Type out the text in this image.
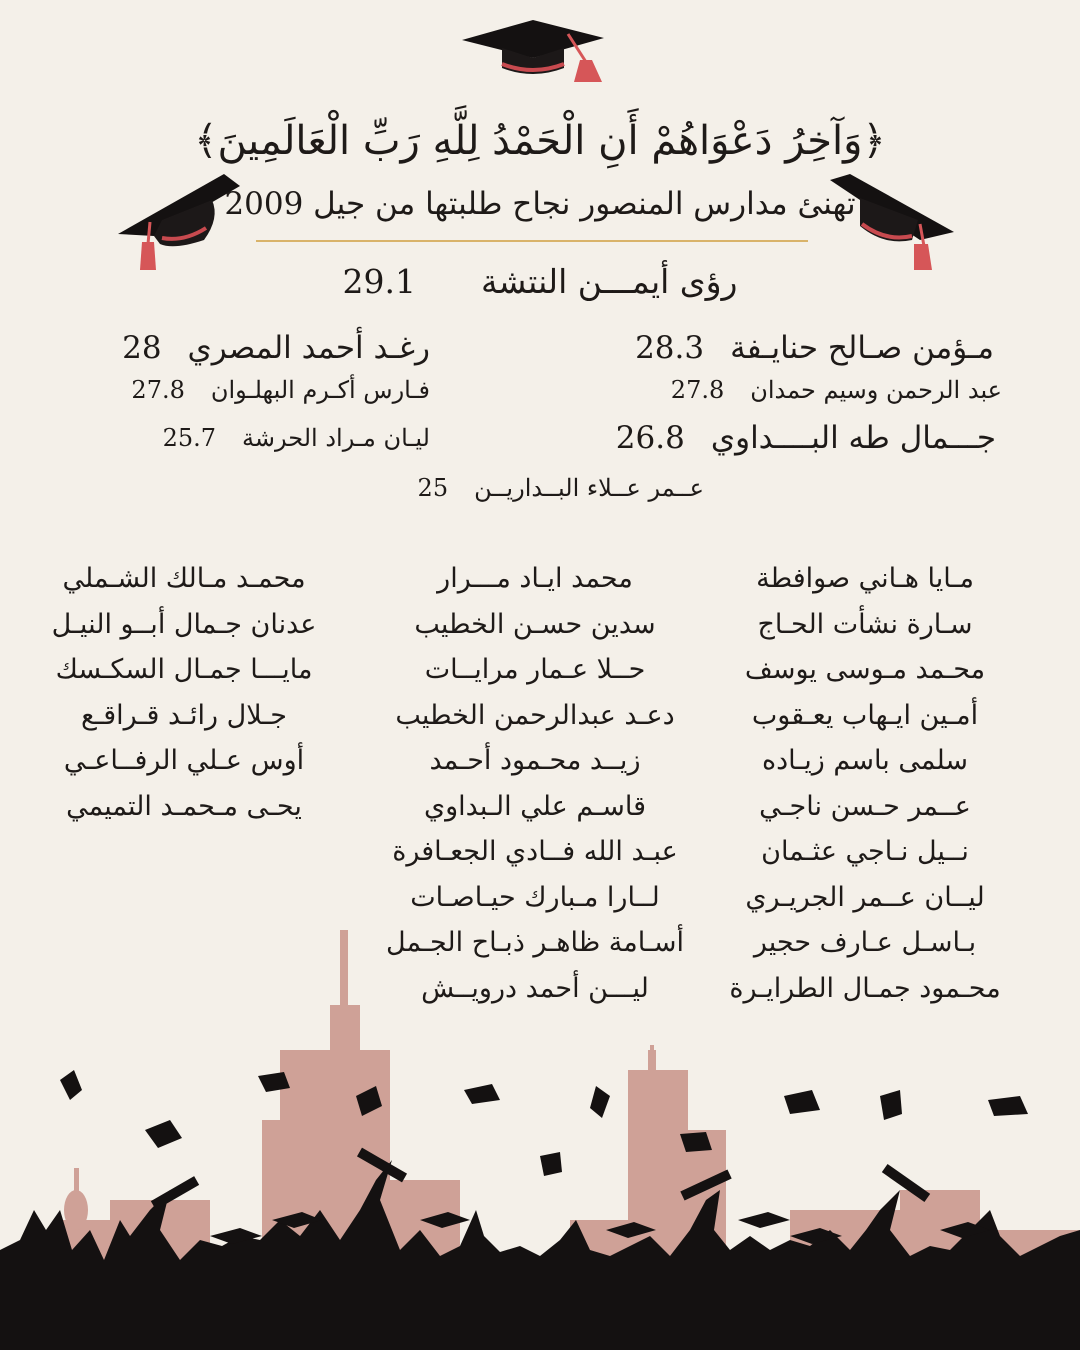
﴿وَآخِرُ دَعْوَاهُمْ أَنِ الْحَمْدُ لِلَّهِ رَبِّ الْعَالَمِينَ﴾
تهنئ مدارس المنصور نجاح طلبتها من جيل 2009
رؤى أيمـــن النتشة  29.1
مـؤمن صـالح حنايـفة
28.3
عبد الرحمن وسيم حمدان
27.8
جـــمال طه البــــداوي
26.8
رغـد أحمد المصري
28
فـارس أكـرم البهلـوان
27.8
ليـان مـراد الحرشة
25.7
عــمر عــلاء البــداريــن
25
مـايا هـاني صوافطة
سـارة نشأت الحـاج
محـمد مـوسى يوسف
أمـين ايـهاب يعـقوب
سلمى باسم زيـاده
عــمر حـسن ناجـي
نــيل نـاجي عثـمان
ليــان عــمر الجريـري
بـاسـل عـارف حجير
محـمود جمـال الطرايـرة
محمد ايـاد مـــرار
سدين حسـن الخطيب
حــلا عـمار مرايــات
دعـد عبدالرحمن الخطيب
زيــد محـمود أحـمد
قاسـم علي الـبداوي
عبـد الله فــادي الجعـافرة
لــارا مـبارك حيـاصـات
أسـامة ظاهـر ذبـاح الجـمل
ليـــن أحمد درويــش
محمـد مـالك الشـملي
عدنان جـمال أبــو النيـل
مايـــا جمـال السكـسك
جـلال رائـد قـراقـع
أوس عـلي الرفــاعـي
يحـى مـحمـد التميمي
